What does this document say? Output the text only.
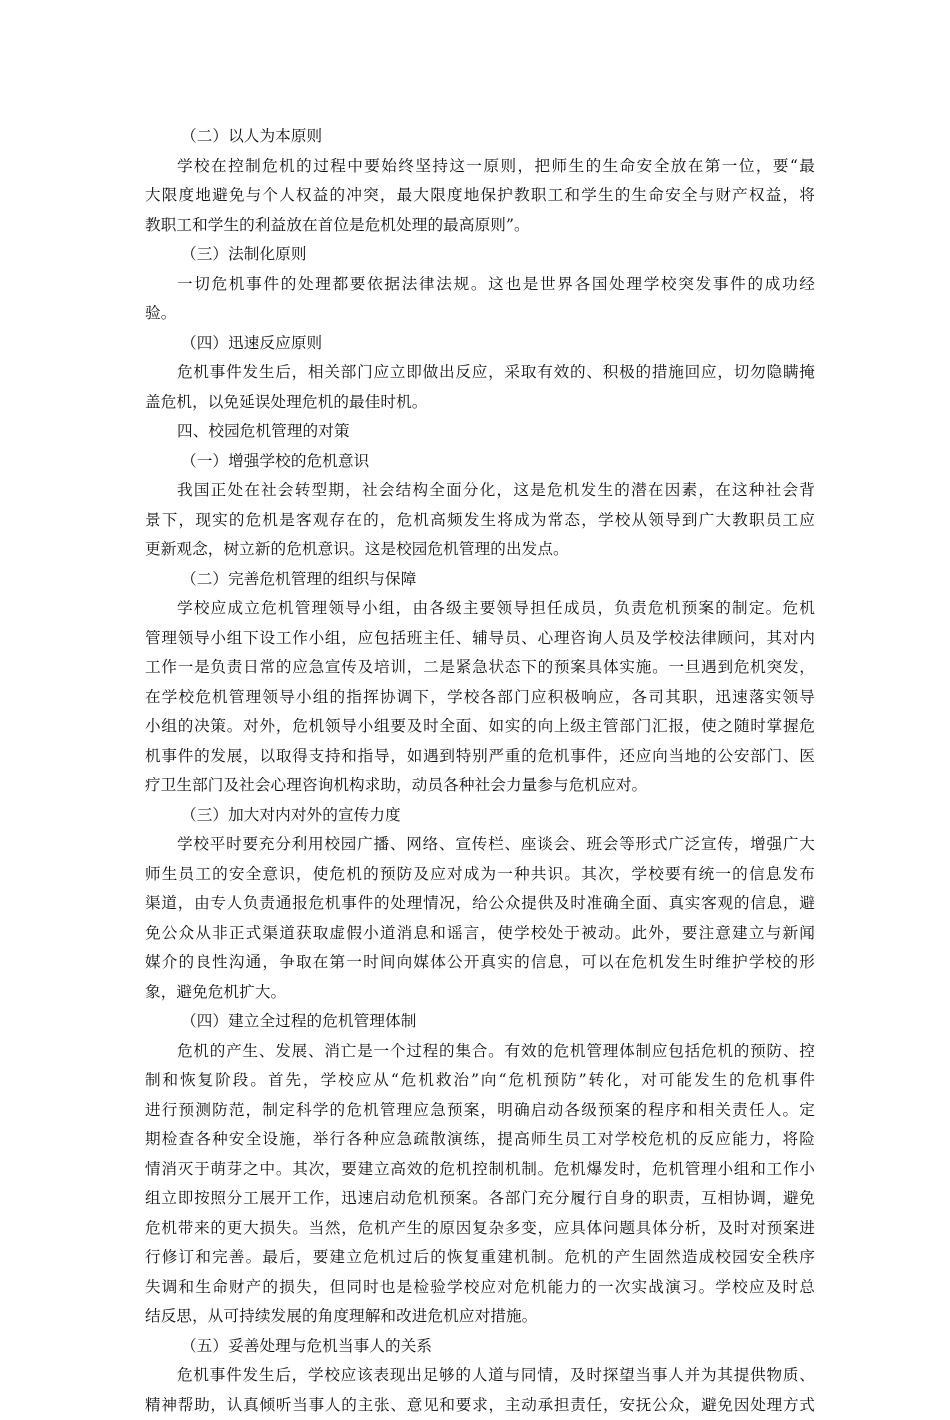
（二）以人为本原则
学校在控制危机的过程中要始终坚持这一原则，把师生的生命安全放在第一位，要“最
大限度地避免与个人权益的冲突，最大限度地保护教职工和学生的生命安全与财产权益，将
教职工和学生的利益放在首位是危机处理的最高原则”。
（三）法制化原则
一切危机事件的处理都要依据法律法规。这也是世界各国处理学校突发事件的成功经
验。
（四）迅速反应原则
危机事件发生后，相关部门应立即做出反应，采取有效的、积极的措施回应，切勿隐瞒掩
盖危机，以免延误处理危机的最佳时机。
四、校园危机管理的对策
（一）增强学校的危机意识
我国正处在社会转型期，社会结构全面分化，这是危机发生的潜在因素，在这种社会背
景下，现实的危机是客观存在的，危机高频发生将成为常态，学校从领导到广大教职员工应
更新观念，树立新的危机意识。这是校园危机管理的出发点。
（二）完善危机管理的组织与保障
学校应成立危机管理领导小组，由各级主要领导担任成员，负责危机预案的制定。危机
管理领导小组下设工作小组，应包括班主任、辅导员、心理咨询人员及学校法律顾问，其对内
工作一是负责日常的应急宣传及培训，二是紧急状态下的预案具体实施。一旦遇到危机突发，
在学校危机管理领导小组的指挥协调下，学校各部门应积极响应，各司其职，迅速落实领导
小组的决策。对外，危机领导小组要及时全面、如实的向上级主管部门汇报，使之随时掌握危
机事件的发展，以取得支持和指导，如遇到特别严重的危机事件，还应向当地的公安部门、医
疗卫生部门及社会心理咨询机构求助，动员各种社会力量参与危机应对。
（三）加大对内对外的宣传力度
学校平时要充分利用校园广播、网络、宣传栏、座谈会、班会等形式广泛宣传，增强广大
师生员工的安全意识，使危机的预防及应对成为一种共识。其次，学校要有统一的信息发布
渠道，由专人负责通报危机事件的处理情况，给公众提供及时准确全面、真实客观的信息，避
免公众从非正式渠道获取虚假小道消息和谣言，使学校处于被动。此外，要注意建立与新闻
媒介的良性沟通，争取在第一时间向媒体公开真实的信息，可以在危机发生时维护学校的形
象，避免危机扩大。
（四）建立全过程的危机管理体制
危机的产生、发展、消亡是一个过程的集合。有效的危机管理体制应包括危机的预防、控
制和恢复阶段。首先，学校应从“危机救治”向“危机预防”转化，对可能发生的危机事件
进行预测防范，制定科学的危机管理应急预案，明确启动各级预案的程序和相关责任人。定
期检查各种安全设施，举行各种应急疏散演练，提高师生员工对学校危机的反应能力，将险
情消灭于萌芽之中。其次，要建立高效的危机控制机制。危机爆发时，危机管理小组和工作小
组立即按照分工展开工作，迅速启动危机预案。各部门充分履行自身的职责，互相协调，避免
危机带来的更大损失。当然，危机产生的原因复杂多变，应具体问题具体分析，及时对预案进
行修订和完善。最后，要建立危机过后的恢复重建机制。危机的产生固然造成校园安全秩序
失调和生命财产的损失，但同时也是检验学校应对危机能力的一次实战演习。学校应及时总
结反思，从可持续发展的角度理解和改进危机应对措施。
（五）妥善处理与危机当事人的关系
危机事件发生后，学校应该表现出足够的人道与同情，及时探望当事人并为其提供物质、
精神帮助，认真倾听当事人的主张、意见和要求，主动承担责任，安抚公众，避免因处理方式
